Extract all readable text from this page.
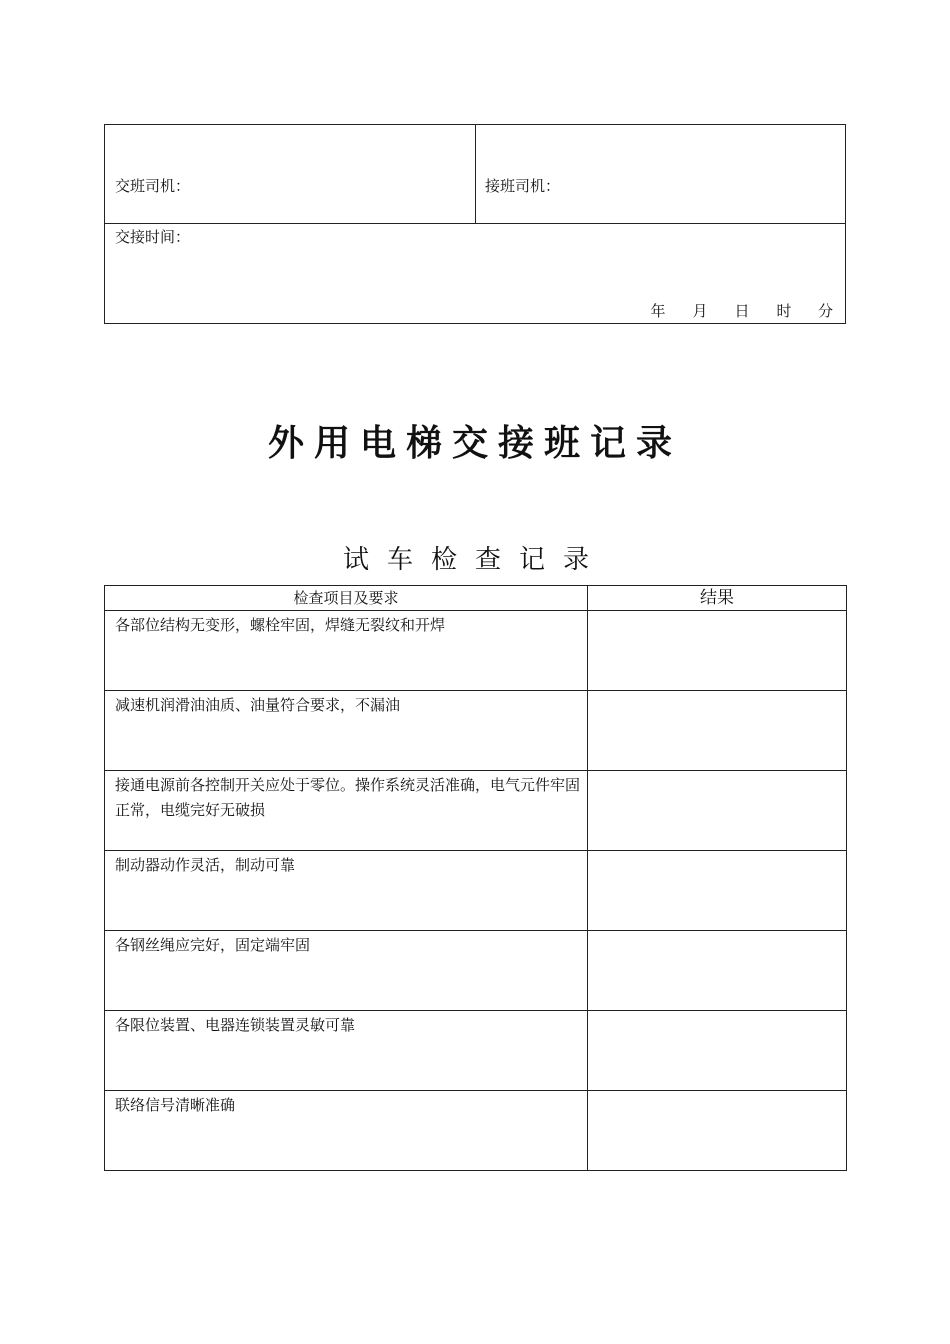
交班司机：	接班司机：
交接时间：
年	月	日	时	分
外用电梯交接班记录
试车检查记录
检查项目及要求	结果
各部位结构无变形，螺栓牢固，焊缝无裂纹和开焊	
减速机润滑油油质、油量符合要求，不漏油	
接通电源前各控制开关应处于零位。操作系统灵活准确，电气元件牢固正常，电缆完好无破损	
制动器动作灵活，制动可靠	
各钢丝绳应完好，固定端牢固	
各限位装置、电器连锁装置灵敏可靠	
联络信号清晰准确	
